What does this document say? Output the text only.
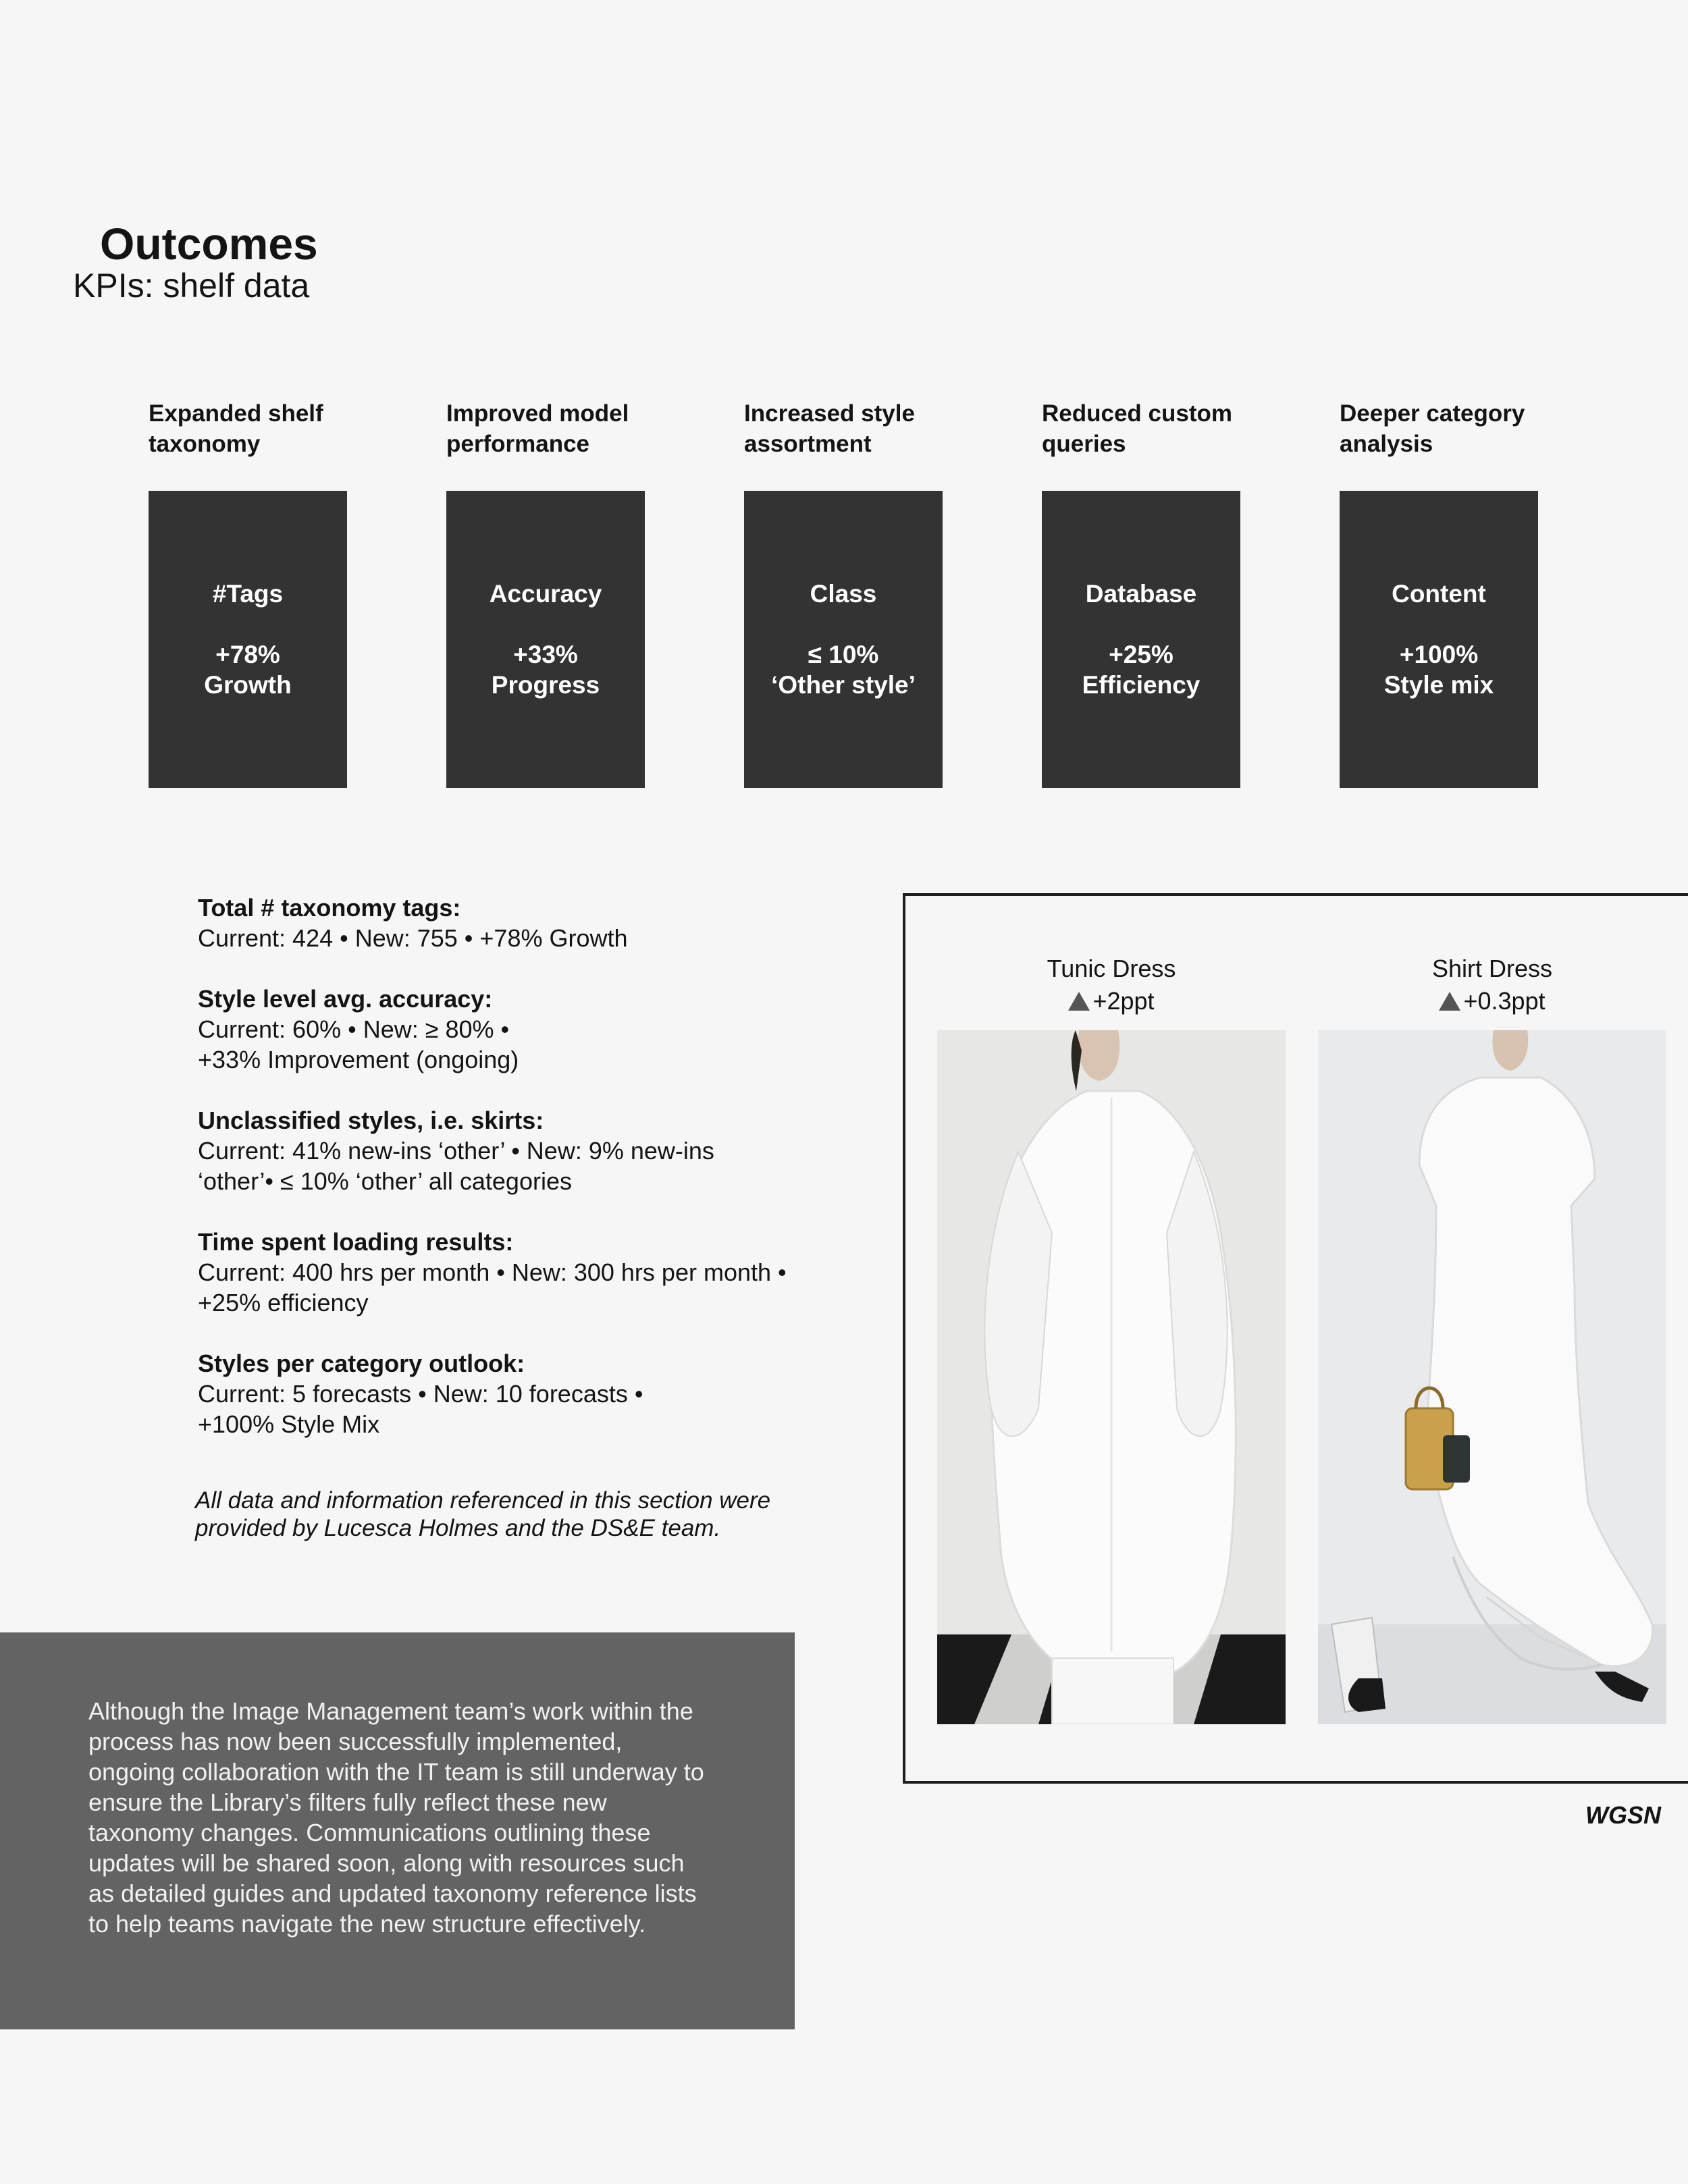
Outcomes
KPIs: shelf data
Expanded shelf taxonomy
#Tags
+78%
Growth
Improved model performance
Accuracy
+33%
Progress
Increased style assortment
Class
≤ 10%
‘Other style’
Reduced custom queries
Database
+25%
Efficiency
Deeper category analysis
Content
+100%
Style mix
Total # taxonomy tags:
Current: 424 • New: 755 • +78% Growth
Style level avg. accuracy:
Current: 60% • New: ≥ 80% • +33% Improvement (ongoing)
Unclassified styles, i.e. skirts:
Current: 41% new-ins ‘other’ • New: 9% new-ins ‘other’• ≤ 10% ‘other’ all categories
Time spent loading results:
Current: 400 hrs per month • New: 300 hrs per month • +25% efficiency
Styles per category outlook:
Current: 5 forecasts • New: 10 forecasts • +100% Style Mix
All data and information referenced in this section were provided by Lucesca Holmes and the DS&E team.
Although the Image Management team’s work within the process has now been successfully implemented, ongoing collaboration with the IT team is still underway to ensure the Library’s filters fully reflect these new taxonomy changes. Communications outlining these updates will be shared soon, along with resources such as detailed guides and updated taxonomy reference lists to help teams navigate the new structure effectively.
Tunic Dress
+2ppt
Shirt Dress
+0.3ppt
WGSN
